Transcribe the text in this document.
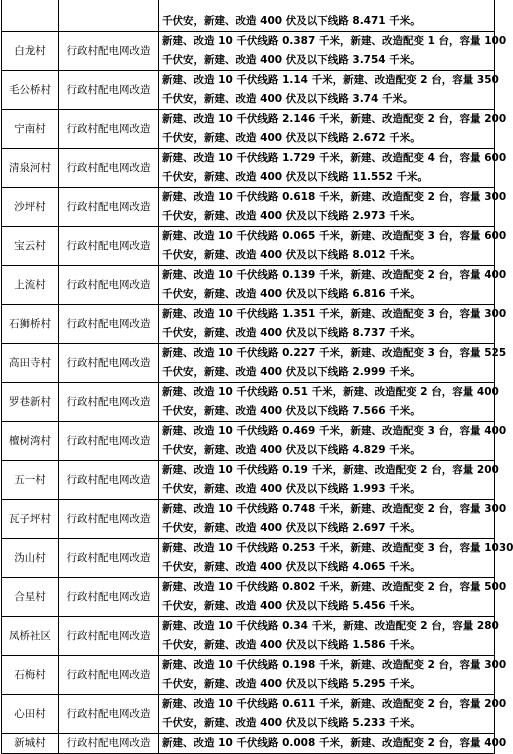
		千伏安，新建、改造 400 伏及以下线路 8.471 千米。

白龙村	行政村配电网改造	新建、改造 10 千伏线路 0.387 千米，新建、改造配变 1 台，容量 100
千伏安，新建、改造 400 伏及以下线路 3.754 千米。

毛公桥村	行政村配电网改造	新建、改造 10 千伏线路 1.14 千米，新建、改造配变 2 台，容量 350
千伏安，新建、改造 400 伏及以下线路 3.74 千米。

宁南村	行政村配电网改造	新建、改造 10 千伏线路 2.146 千米，新建、改造配变 2 台，容量 200
千伏安，新建、改造 400 伏及以下线路 2.672 千米。

清泉河村	行政村配电网改造	新建、改造 10 千伏线路 1.729 千米，新建、改造配变 4 台，容量 600
千伏安，新建、改造 400 伏及以下线路 11.552 千米。

沙坪村	行政村配电网改造	新建、改造 10 千伏线路 0.618 千米，新建、改造配变 2 台，容量 300
千伏安，新建、改造 400 伏及以下线路 2.973 千米。

宝云村	行政村配电网改造	新建、改造 10 千伏线路 0.065 千米，新建、改造配变 3 台，容量 600
千伏安，新建、改造 400 伏及以下线路 8.012 千米。

上流村	行政村配电网改造	新建、改造 10 千伏线路 0.139 千米，新建、改造配变 2 台，容量 400
千伏安，新建、改造 400 伏及以下线路 6.816 千米。

石狮桥村	行政村配电网改造	新建、改造 10 千伏线路 1.351 千米，新建、改造配变 3 台，容量 300
千伏安，新建、改造 400 伏及以下线路 8.737 千米。

高田寺村	行政村配电网改造	新建、改造 10 千伏线路 0.227 千米，新建、改造配变 3 台，容量 525
千伏安，新建、改造 400 伏及以下线路 2.999 千米。

罗巷新村	行政村配电网改造	新建、改造 10 千伏线路 0.51 千米，新建、改造配变 2 台，容量 400
千伏安，新建、改造 400 伏及以下线路 7.566 千米。

檀树湾村	行政村配电网改造	新建、改造 10 千伏线路 0.469 千米，新建、改造配变 3 台，容量 400
千伏安，新建、改造 400 伏及以下线路 4.829 千米。

五一村	行政村配电网改造	新建、改造 10 千伏线路 0.19 千米，新建、改造配变 2 台，容量 200
千伏安，新建、改造 400 伏及以下线路 1.993 千米。

瓦子坪村	行政村配电网改造	新建、改造 10 千伏线路 0.748 千米，新建、改造配变 2 台，容量 300
千伏安，新建、改造 400 伏及以下线路 2.697 千米。

沩山村	行政村配电网改造	新建、改造 10 千伏线路 0.253 千米，新建、改造配变 3 台，容量 1030
千伏安，新建、改造 400 伏及以下线路 4.065 千米。

合星村	行政村配电网改造	新建、改造 10 千伏线路 0.802 千米，新建、改造配变 2 台，容量 500
千伏安，新建、改造 400 伏及以下线路 5.456 千米。

凤桥社区	行政村配电网改造	新建、改造 10 千伏线路 0.34 千米，新建、改造配变 2 台，容量 280
千伏安，新建、改造 400 伏及以下线路 1.586 千米。

石梅村	行政村配电网改造	新建、改造 10 千伏线路 0.198 千米，新建、改造配变 2 台，容量 300
千伏安，新建、改造 400 伏及以下线路 5.295 千米。

心田村	行政村配电网改造	新建、改造 10 千伏线路 0.611 千米，新建、改造配变 2 台，容量 200
千伏安，新建、改造 400 伏及以下线路 5.233 千米。

新城村	行政村配电网改造	新建、改造 10 千伏线路 0.008 千米，新建、改造配变 2 台，容量 400
